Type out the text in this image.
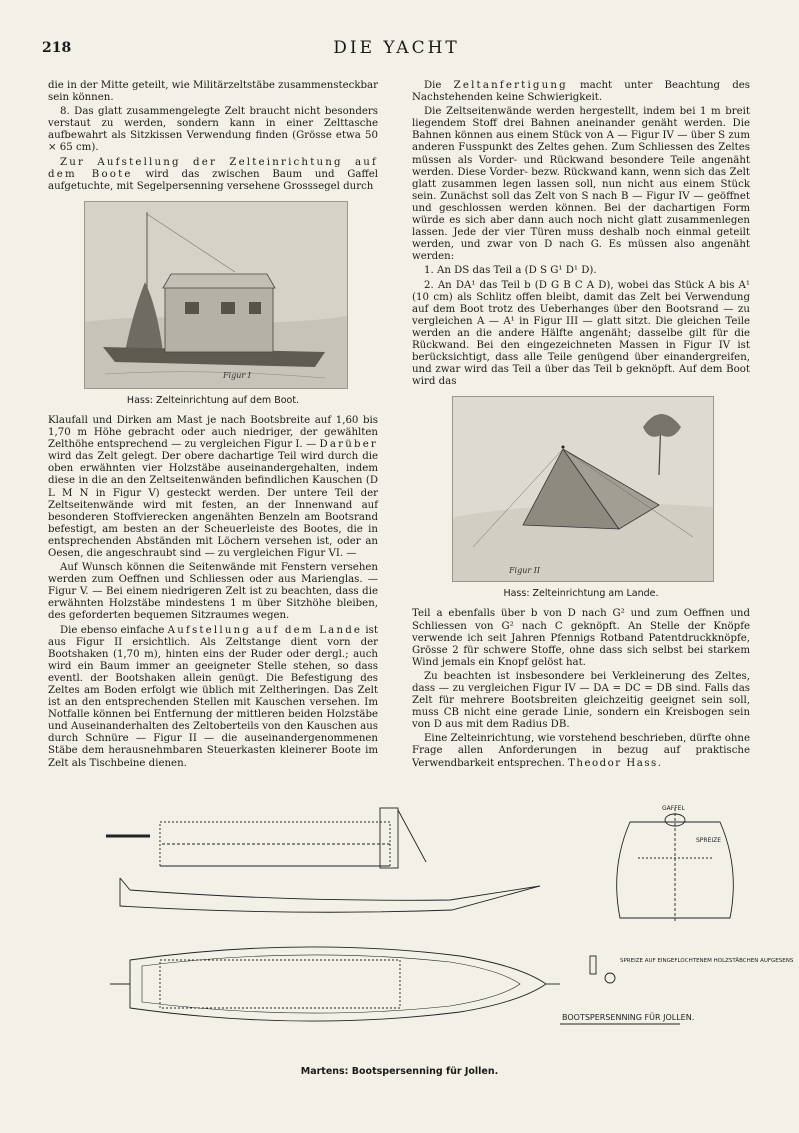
218	DIE YACHT

die in der Mitte geteilt, wie Militärzeltstäbe zusammensteckbar sein können.

8. Das glatt zusammengelegte Zelt braucht nicht besonders verstaut zu werden, sondern kann in einer Zelttasche aufbewahrt als Sitzkissen Verwendung finden (Grösse etwa 50 × 65 cm).

Zur Aufstellung der Zelteinrichtung auf dem Boote wird das zwischen Baum und Gaffel aufgetuchte, mit Segelpersenning versehene Grosssegel durch

Figur I
Hass: Zelteinrichtung auf dem Boot.

Klaufall und Dirken am Mast je nach Bootsbreite auf 1,60 bis 1,70 m Höhe gebracht oder auch niedriger, der gewählten Zelthöhe entsprechend — zu vergleichen Figur I. — Darüber wird das Zelt gelegt. Der obere dachartige Teil wird durch die oben erwähnten vier Holzstäbe auseinandergehalten, indem diese in die an den Zeltseitenwänden befindlichen Kauschen (D L M N in Figur V) gesteckt werden. Der untere Teil der Zeltseitenwände wird mit festen, an der Innenwand auf besonderen Stoffvierecken angenähten Benzeln am Bootsrand befestigt, am besten an der Scheuerleiste des Bootes, die in entsprechenden Abständen mit Löchern versehen ist, oder an Oesen, die angeschraubt sind — zu vergleichen Figur VI. —

Auf Wunsch können die Seitenwände mit Fenstern versehen werden zum Oeffnen und Schliessen oder aus Marienglas. — Figur V. — Bei einem niedrigeren Zelt ist zu beachten, dass die erwähnten Holzstäbe mindestens 1 m über Sitzhöhe bleiben, des geforderten bequemen Sitzraumes wegen.

Die ebenso einfache Aufstellung auf dem Lande ist aus Figur II ersichtlich. Als Zeltstange dient vorn der Bootshaken (1,70 m), hinten eins der Ruder oder dergl.; auch wird ein Baum immer an geeigneter Stelle stehen, so dass eventl. der Bootshaken allein genügt. Die Befestigung des Zeltes am Boden erfolgt wie üblich mit Zeltheringen. Das Zelt ist an den entsprechenden Stellen mit Kauschen versehen. Im Notfalle können bei Entfernung der mittleren beiden Holzstäbe und Auseinanderhalten des Zeltoberteils von den Kauschen aus durch Schnüre — Figur II — die auseinandergenommenen Stäbe dem herausnehmbaren Steuerkasten kleinerer Boote im Zelt als Tischbeine dienen.

Die Zeltanfertigung macht unter Beachtung des Nachstehenden keine Schwierigkeit.

Die Zeltseitenwände werden hergestellt, indem bei 1 m breit liegendem Stoff drei Bahnen aneinander genäht werden. Die Bahnen können aus einem Stück von A — Figur IV — über S zum anderen Fusspunkt des Zeltes gehen. Zum Schliessen des Zeltes müssen als Vorder- und Rückwand besondere Teile angenäht werden. Diese Vorder- bezw. Rückwand kann, wenn sich das Zelt glatt zusammen legen lassen soll, nun nicht aus einem Stück sein. Zunächst soll das Zelt von S nach B — Figur IV — geöffnet und geschlossen werden können. Bei der dachartigen Form würde es sich aber dann auch noch nicht glatt zusammenlegen lassen. Jede der vier Türen muss deshalb noch einmal geteilt werden, und zwar von D nach G. Es müssen also angenäht werden:

1. An DS das Teil a (D S G¹ D¹ D).

2. An DA¹ das Teil b (D G B C A D), wobei das Stück A bis A¹ (10 cm) als Schlitz offen bleibt, damit das Zelt bei Verwendung auf dem Boot trotz des Ueberhanges über den Bootsrand — zu vergleichen A — A¹ in Figur III — glatt sitzt. Die gleichen Teile werden an die andere Hälfte angenäht; dasselbe gilt für die Rückwand. Bei den eingezeichneten Massen in Figur IV ist berücksichtigt, dass alle Teile genügend über einandergreifen, und zwar wird das Teil a über das Teil b geknöpft. Auf dem Boot wird das

Figur II
Hass: Zelteinrichtung am Lande.

Teil a ebenfalls über b von D nach G² und zum Oeffnen und Schliessen von G² nach C geknöpft. An Stelle der Knöpfe verwende ich seit Jahren Pfennigs Rotband Patentdruckknöpfe, Grösse 2 für schwere Stoffe, ohne dass sich selbst bei starkem Wind jemals ein Knopf gelöst hat.

Zu beachten ist insbesondere bei Verkleinerung des Zeltes, dass — zu vergleichen Figur IV — DA = DC = DB sind. Falls das Zelt für mehrere Bootsbreiten gleichzeitig geeignet sein soll, muss CB nicht eine gerade Linie, sondern ein Kreisbogen sein von D aus mit dem Radius DB.

Eine Zelteinrichtung, wie vorstehend beschrieben, dürfte ohne Frage allen Anforderungen in bezug auf praktische Verwendbarkeit entsprechen. Theodor Hass.

GAFFEL
SPREIZE
SPREIZE AUF EINGEFLOCHTENEM HOLZSTÄBCHEN AUFGESENS
BOOTSPERSENNING FÜR JOLLEN.
Martens: Bootspersenning für Jollen.
